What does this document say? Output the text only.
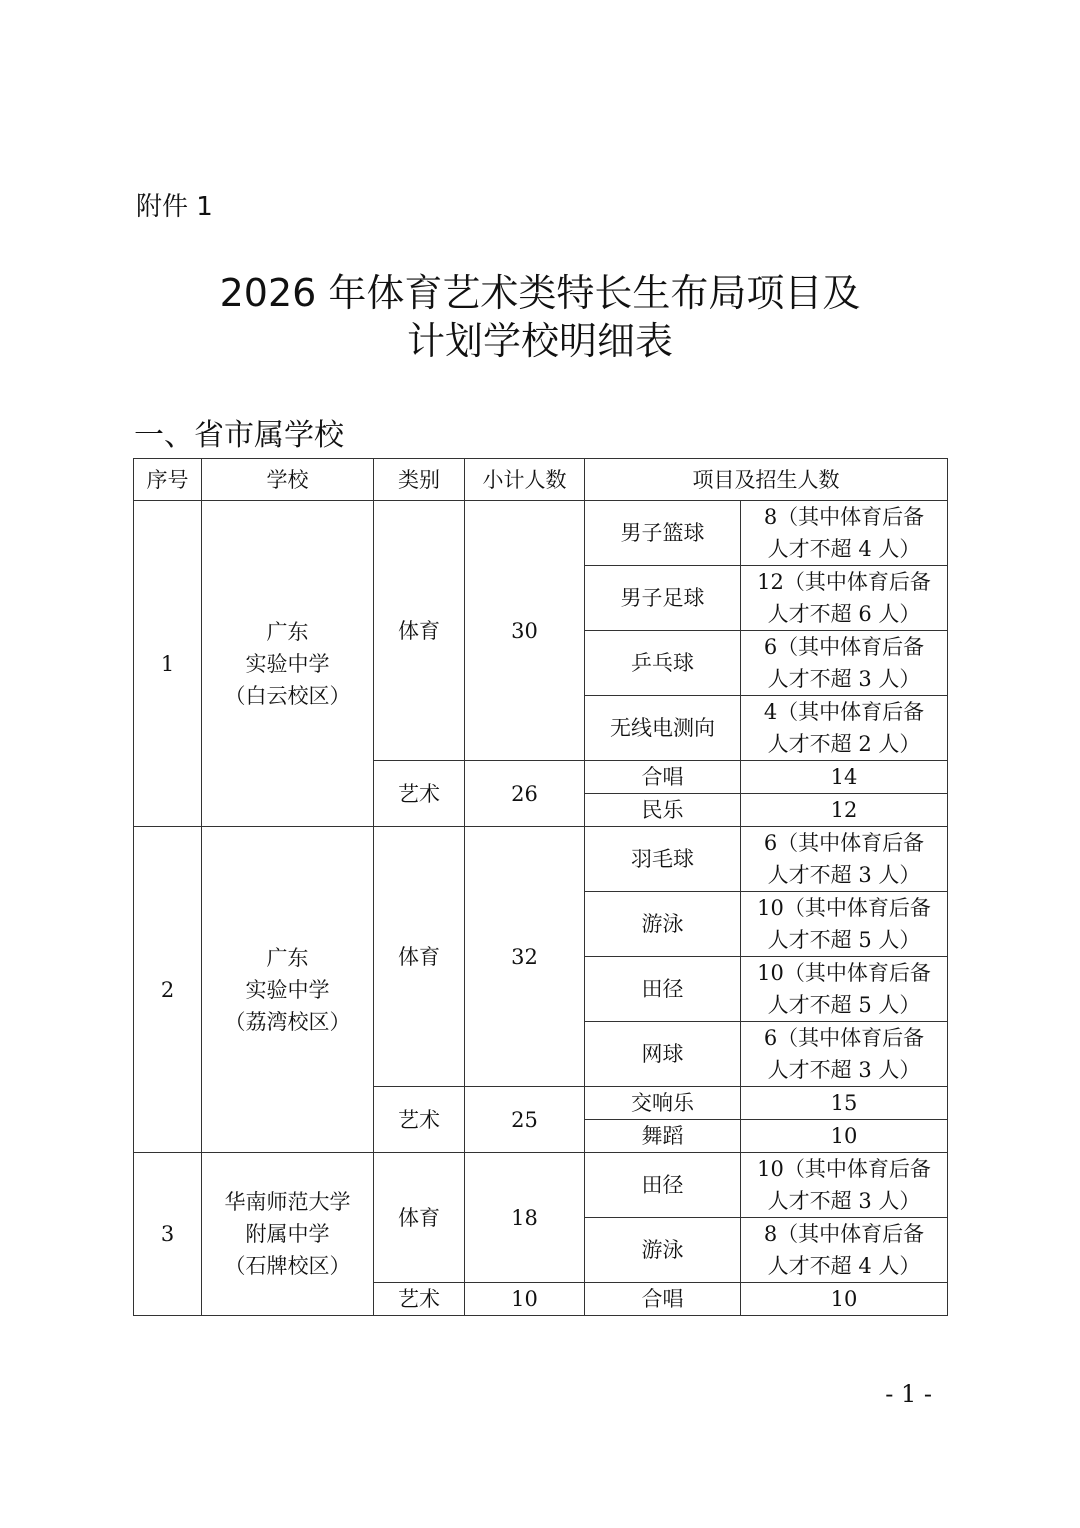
附件 1
2026 年体育艺术类特长生布局项目及
计划学校明细表
一、省市属学校
序号	学校	类别	小计人数	项目及招生人数	
1	广东
实验中学
（白云校区）	体育	30	男子篮球	8（其中体育后备
人才不超 4 人）
				男子足球	12（其中体育后备
人才不超 6 人）
				乒乓球	6（其中体育后备
人才不超 3 人）
				无线电测向	4（其中体育后备
人才不超 2 人）
		艺术	26	合唱	14
				民乐	12
2	广东
实验中学
（荔湾校区）	体育	32	羽毛球	6（其中体育后备
人才不超 3 人）
				游泳	10（其中体育后备
人才不超 5 人）
				田径	10（其中体育后备
人才不超 5 人）
				网球	6（其中体育后备
人才不超 3 人）
		艺术	25	交响乐	15
				舞蹈	10
3	华南师范大学
附属中学
（石牌校区）	体育	18	田径	10（其中体育后备
人才不超 3 人）
				游泳	8（其中体育后备
人才不超 4 人）
		艺术	10	合唱	10
- 1 -
